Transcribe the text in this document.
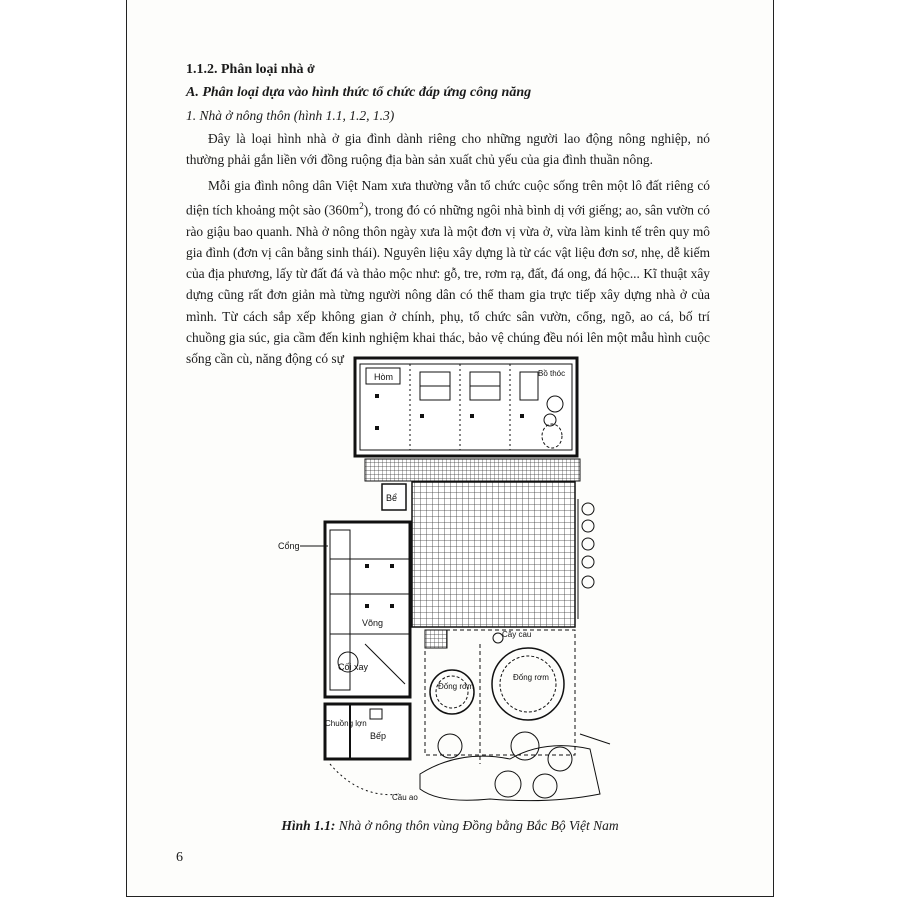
1.1.2. Phân loại nhà ở
A. Phân loại dựa vào hình thức tổ chức đáp ứng công năng
1. Nhà ở nông thôn (hình 1.1, 1.2, 1.3)

Đây là loại hình nhà ở gia đình dành riêng cho những người lao động nông nghiệp, nó thường phải gắn liền với đồng ruộng địa bàn sản xuất chủ yếu của gia đình thuần nông.

Mỗi gia đình nông dân Việt Nam xưa thường vẫn tổ chức cuộc sống trên một lô đất riêng có diện tích khoảng một sào $(360m^2)$, trong đó có những ngôi nhà bình dị với giếng; ao, sân vườn có rào giậu bao quanh. Nhà ở nông thôn ngày xưa là một đơn vị vừa ở, vừa làm kinh tế trên quy mô gia đình (đơn vị cân bằng sinh thái). Nguyên liệu xây dựng là từ các vật liệu đơn sơ, nhẹ, dễ kiếm của địa phương, lấy từ đất đá và thảo mộc như: gỗ, tre, rơm rạ, đất, đá ong, đá hộc... Kĩ thuật xây dựng cũng rất đơn giản mà từng người nông dân có thể tham gia trực tiếp xây dựng nhà ở của mình. Từ cách sắp xếp không gian ở chính, phụ, tổ chức sân vườn, cổng, ngõ, ao cá, bố trí chuồng gia súc, gia cầm đến kinh nghiệm khai thác, bảo vệ chúng đều nói lên một mẫu hình cuộc sống cần cù, năng động có sự

Hòm	Bồ thóc
Bể
Cổng
Võng
Cối xay
Chuồng lợn
Bếp
Cây cau
Đống rơm
Đống rơm
Cầu ao
Hình 1.1: Nhà ở nông thôn vùng Đồng bằng Bắc Bộ Việt Nam
6
